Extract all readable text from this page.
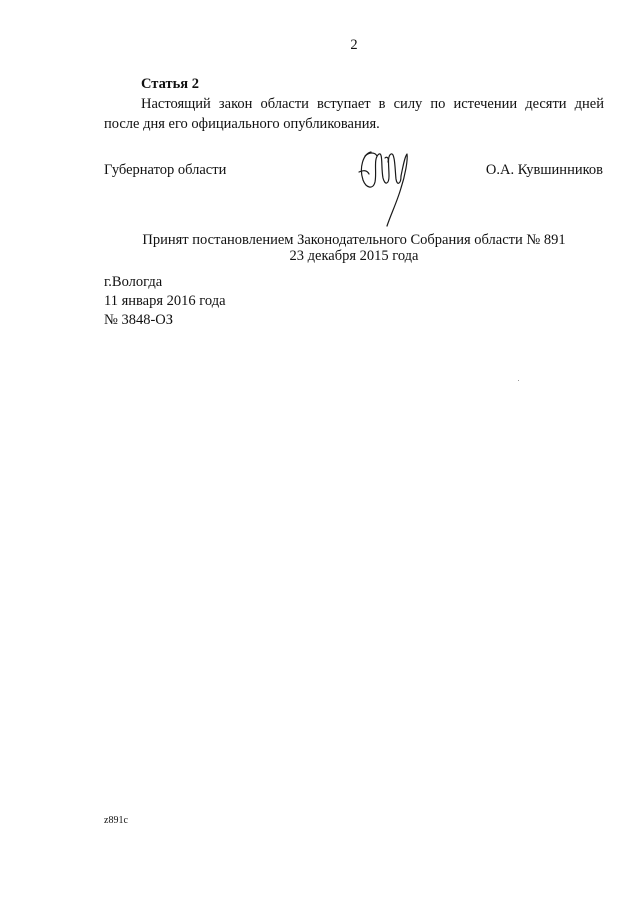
2
Статья 2
Настоящий закон области вступает в силу по истечении десяти дней
после дня его официального опубликования.
Губернатор области	О.А. Кувшинников
Принят постановлением Законодательного Собрания области № 891
23 декабря 2015 года
г.Вологда
11 января 2016 года
№ 3848-ОЗ
z891c
